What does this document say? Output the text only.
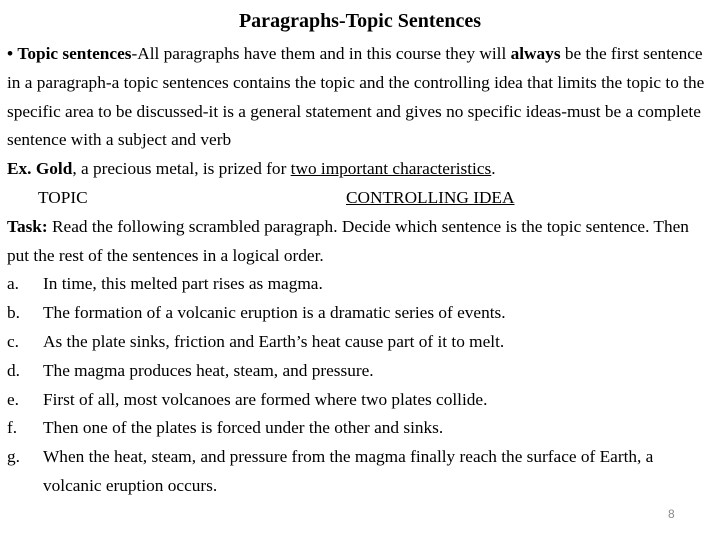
Paragraphs-Topic Sentences

• Topic sentences-All paragraphs have them and in this course they will always be the first sentence in a paragraph-a topic sentences contains the topic and the controlling idea that limits the topic to the specific area to be discussed-it is a general statement and gives no specific ideas-must be a complete sentence with a subject and verb

Ex. Gold, a precious metal, is prized for two important characteristics.

TOPIC	CONTROLLING IDEA

Task: Read the following scrambled paragraph. Decide which sentence is the topic sentence. Then put the rest of the sentences in a logical order.

a.	In time, this melted part rises as magma.
b.	The formation of a volcanic eruption is a dramatic series of events.
c.	As the plate sinks, friction and Earth’s heat cause part of it to melt.
d.	The magma produces heat, steam, and pressure.
e.	First of all, most volcanoes are formed where two plates collide.
f.	Then one of the plates is forced under the other and sinks.
g.	When the heat, steam, and pressure from the magma finally reach the surface of Earth, a volcanic eruption occurs.
8
